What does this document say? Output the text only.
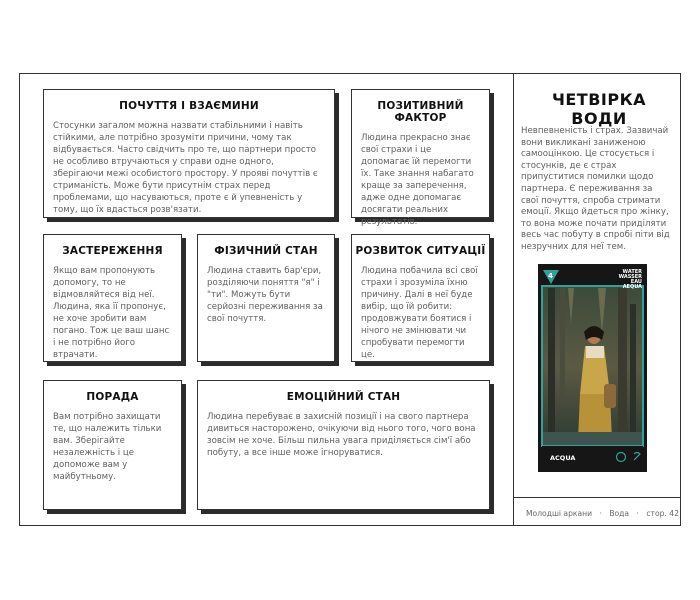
ПОЧУТТЯ І ВЗАЄМИНИ
Стосунки загалом можна назвати стабільними і навіть стійкими, але потрібно зрозуміти причини, чому так відбувається. Часто свідчить про те, що партнери просто не особливо втручаються у справи одне одного, зберігаючи межі особистого простору. У прояві почуттів є стриманість. Може бути присутнім страх перед проблемами, що насуваються, проте є й упевненість у тому, що їх вдасться розв'язати.
ПОЗИТИВНИЙ ФАКТОР
Людина прекрасно знає свої страхи і це допомагає їй перемогти їх. Таке знання набагато краще за заперечення, адже одне допомагає досягати реальних результатів.
ЗАСТЕРЕЖЕННЯ
Якщо вам пропонують допомогу, то не відмовляйтеся від неї. Людина, яка її пропонує, не хоче зробити вам погано. Тож це ваш шанс і не потрібно його втрачати.
ФІЗИЧНИЙ СТАН
Людина ставить бар'єри, розділяючи поняття "я" і "ти". Можуть бути серйозні переживання за свої почуття.
РОЗВИТОК СИТУАЦІЇ
Людина побачила всі свої страхи і зрозуміла їхню причину. Далі в неї буде вибір, що їй робити: продовжувати боятися і нічого не змінювати чи спробувати перемогти це.
ПОРАДА
Вам потрібно захищати те, що належить тільки вам. Зберігайте незалежність і це допоможе вам у майбутньому.
ЕМОЦІЙНИЙ СТАН
Людина перебуває в захисній позиції і на свого партнера дивиться насторожено, очікуючи від нього того, чого вона зовсім не хоче. Більш пильна увага приділяється сім'ї або побуту, а все інше може ігноруватися.
ЧЕТВІРКА ВОДИ
Невпевненість і страх. Зазвичай вони викликані заниженою самооцінкою. Це стосується і стосунків, де є страх припуститися помилки щодо партнера. Є переживання за свої почуття, спроба стримати емоції. Якщо йдеться про жінку, то вона може почати приділяти весь час побуту в спробі піти від незручних для неї тем.
ACQUA
4	WATER
WASSER
EAU
AEQUA
Молодші аркани · Вода · стор. 42
